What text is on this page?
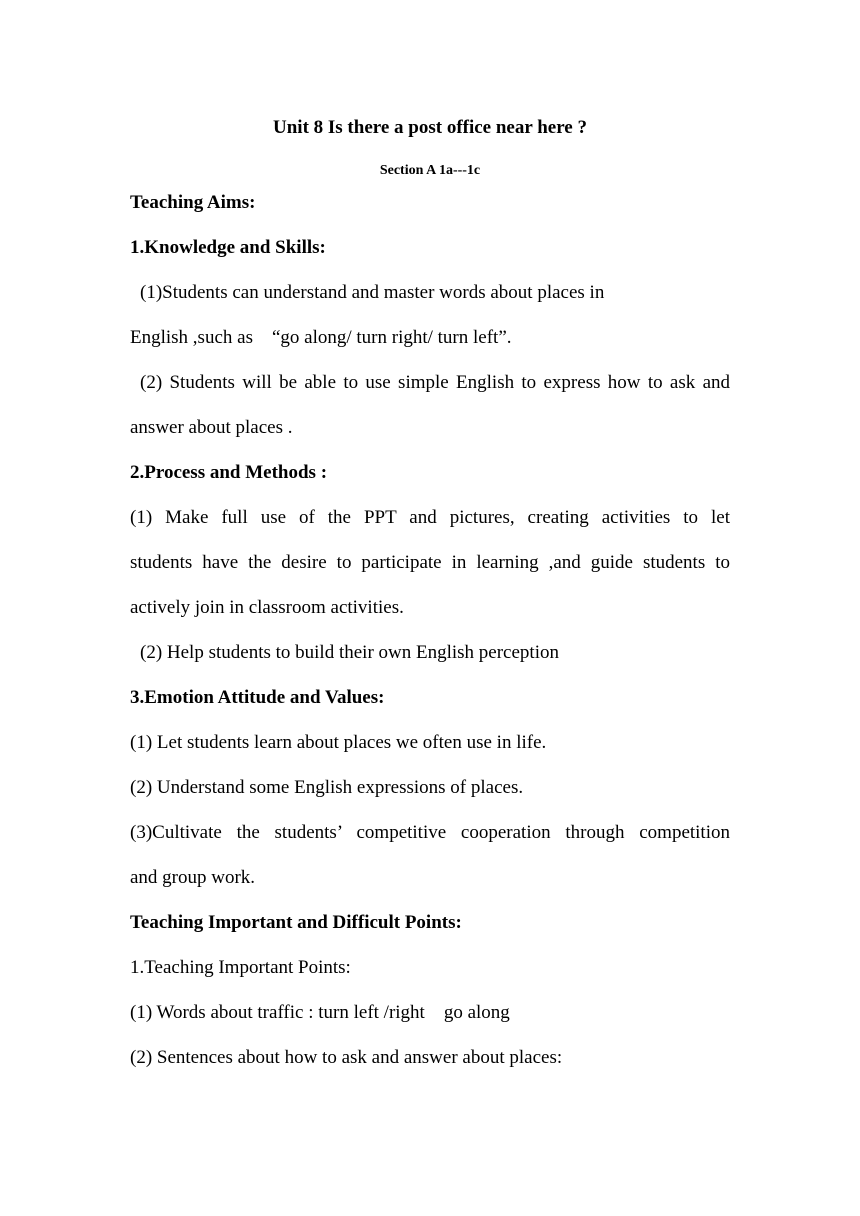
Unit 8 Is there a post office near here ?
Section A 1a---1c
Teaching Aims:
1.Knowledge and Skills:
(1)Students can understand and master words about places in
English ,such as　“go along/ turn right/ turn left”.
(2) Students will be able to use simple English to express how to ask and
answer about places .
2.Process and Methods :
(1) Make full use of the PPT and pictures, creating activities to let
students have the desire to participate in learning ,and guide students to
actively join in classroom activities.
(2) Help students to build their own English perception
3.Emotion Attitude and Values:
(1) Let students learn about places we often use in life.
(2) Understand some English expressions of places.
(3)Cultivate the students’ competitive cooperation through competition
and group work.
Teaching Important and Difficult Points:
1.Teaching Important Points:
(1) Words about traffic : turn left /right　go along
(2) Sentences about how to ask and answer about places:
